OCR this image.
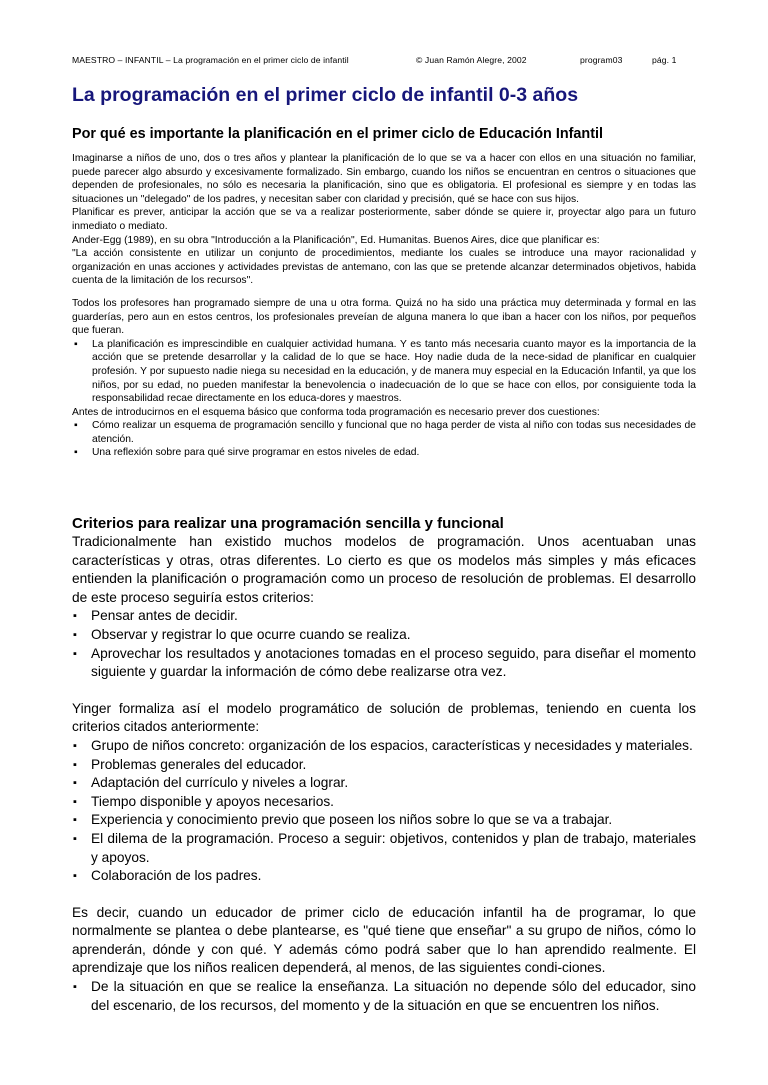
MAESTRO – INFANTIL – La programación en el primer ciclo de infantil	© Juan Ramón Alegre, 2002	program03	pág. 1
La programación en el primer ciclo de infantil 0-3 años
Por qué es importante la planificación en el primer ciclo de Educación Infantil

Imaginarse a niños de uno, dos o tres años y plantear la planificación de lo que se va a hacer con ellos en una situación no familiar, puede parecer algo absurdo y excesivamente formalizado. Sin embargo, cuando los niños se encuentran en centros o situaciones que dependen de profesionales, no sólo es necesaria la planificación, sino que es obligatoria. El profesional es siempre y en todas las situaciones un "delegado" de los padres, y necesitan saber con claridad y precisión, qué se hace con sus hijos.

Planificar es prever, anticipar la acción que se va a realizar posteriormente, saber dónde se quiere ir, proyectar algo para un futuro inmediato o mediato.

Ander-Egg (1989), en su obra "Introducción a la Planificación", Ed. Humanitas. Buenos Aires, dice que planificar es:

"La acción consistente en utilizar un conjunto de procedimientos, mediante los cuales se introduce una mayor racionalidad y organización en unas acciones y actividades previstas de antemano, con las que se pretende alcanzar determinados objetivos, habida cuenta de la limitación de los recursos".

Todos los profesores han programado siempre de una u otra forma. Quizá no ha sido una práctica muy determinada y formal en las guarderías, pero aun en estos centros, los profesionales preveían de alguna manera lo que iban a hacer con los niños, por pequeños que fueran.

▪ La planificación es imprescindible en cualquier actividad humana. Y es tanto más necesaria cuanto mayor es la importancia de la acción que se pretende desarrollar y la calidad de lo que se hace. Hoy nadie duda de la nece-sidad de planificar en cualquier profesión. Y por supuesto nadie niega su necesidad en la educación, y de manera muy especial en la Educación Infantil, ya que los niños, por su edad, no pueden manifestar la benevolencia o inadecuación de lo que se hace con ellos, por consiguiente toda la responsabilidad recae directamente en los educa-dores y maestros.

Antes de introducirnos en el esquema básico que conforma toda programación es necesario prever dos cuestiones:

▪ Cómo realizar un esquema de programación sencillo y funcional que no haga perder de vista al niño con todas sus necesidades de atención.
▪ Una reflexión sobre para qué sirve programar en estos niveles de edad.
Criterios para realizar una programación sencilla y funcional

Tradicionalmente han existido muchos modelos de programación. Unos acentuaban unas características y otras, otras diferentes. Lo cierto es que os modelos más simples y más eficaces entienden la planificación o programación como un proceso de resolución de problemas. El desarrollo de este proceso seguiría estos criterios:

▪ Pensar antes de decidir.
▪ Observar y registrar lo que ocurre cuando se realiza.
▪ Aprovechar los resultados y anotaciones tomadas en el proceso seguido, para diseñar el momento siguiente y guardar la información de cómo debe realizarse otra vez.

Yinger formaliza así el modelo programático de solución de problemas, teniendo en cuenta los criterios citados anteriormente:

▪ Grupo de niños concreto: organización de los espacios, características y necesidades y materiales.
▪ Problemas generales del educador.
▪ Adaptación del currículo y niveles a lograr.
▪ Tiempo disponible y apoyos necesarios.
▪ Experiencia y conocimiento previo que poseen los niños sobre lo que se va a trabajar.
▪ El dilema de la programación. Proceso a seguir: objetivos, contenidos y plan de trabajo, materiales y apoyos.
▪ Colaboración de los padres.

Es decir, cuando un educador de primer ciclo de educación infantil ha de programar, lo que normalmente se plantea o debe plantearse, es "qué tiene que enseñar" a su grupo de niños, cómo lo aprenderán, dónde y con qué. Y además cómo podrá saber que lo han aprendido realmente. El aprendizaje que los niños realicen dependerá, al menos, de las siguientes condi-ciones.

▪ De la situación en que se realice la enseñanza. La situación no depende sólo del educador, sino del escenario, de los recursos, del momento y de la situación en que se encuentren los niños.
